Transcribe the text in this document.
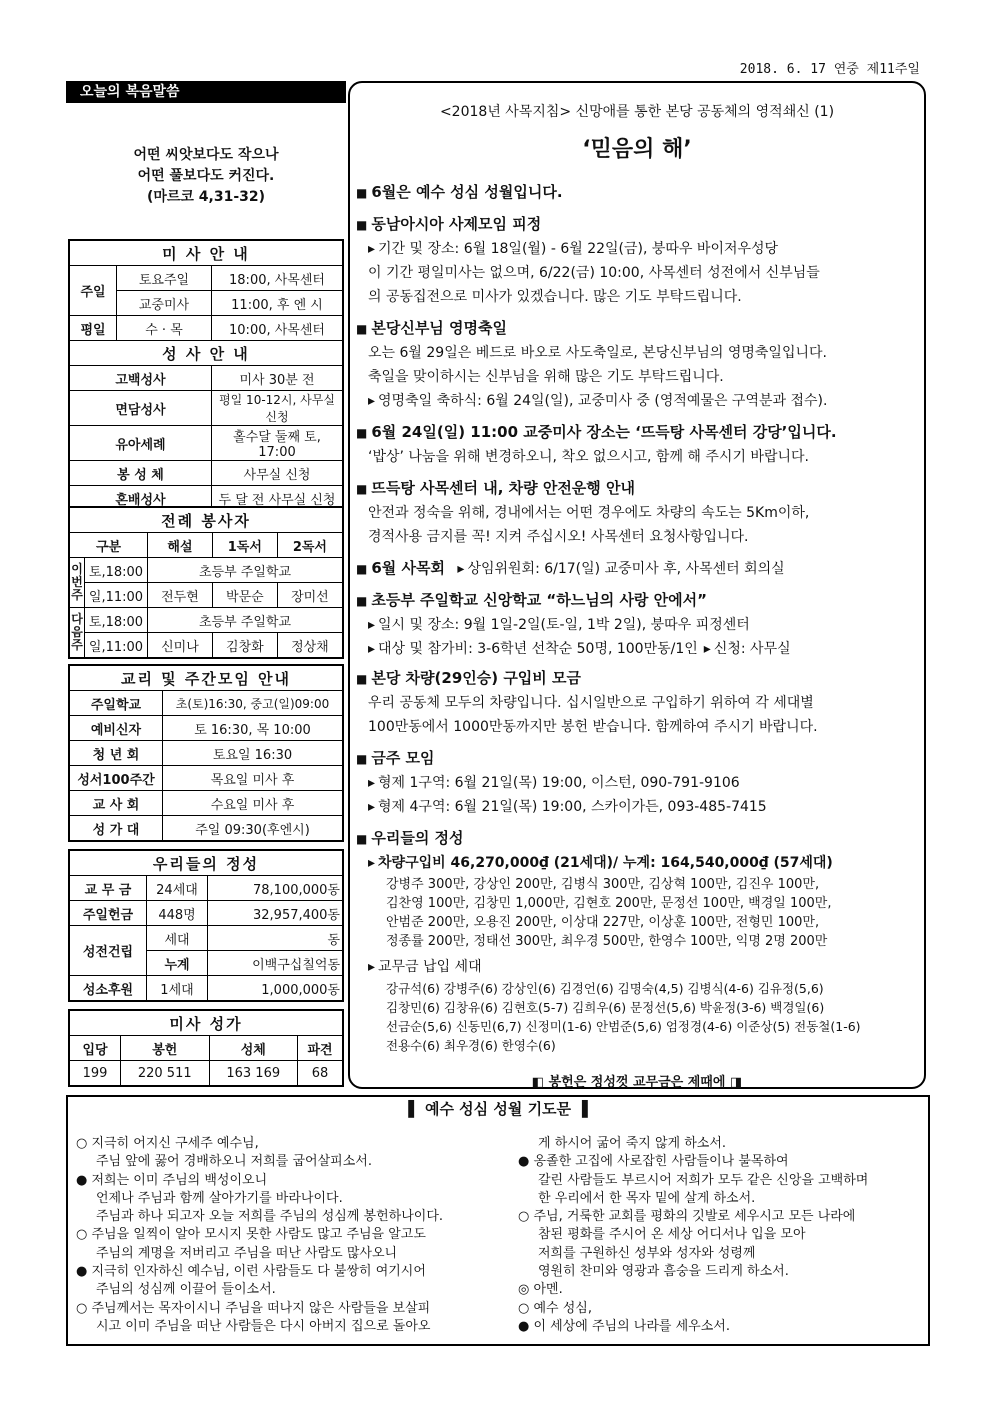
2018. 6. 17 연중 제11주일
오늘의 복음말씀
어떤 씨앗보다도 작으나
어떤 풀보다도 커진다.
(마르코 4,31-32)
미 사 안 내		
주일	토요주일	18:00, 사목센터
	교중미사	11:00, 후 엔 시
평일	수 · 목	10:00, 사목센터
성 사 안 내		
고백성사		미사 30분 전
면담성사		평일 10-12시, 사무실신청
유아세례		홀수달 둘째 토, 17:00
봉 성 체		사무실 신청
혼배성사		두 달 전 사무실 신청
전례 봉사자				
구분		해설	1독서	2독서
이번주	토,18:00	초등부 주일학교		
	일,11:00	전두현	박문순	장미선
다음주	토,18:00	초등부 주일학교		
	일,11:00	신미나	김창화	정상채
교리 및 주간모임 안내	
주일학교	초(토)16:30, 중고(일)09:00
예비신자	토 16:30, 목 10:00
청 년 회	토요일 16:30
성서100주간	목요일 미사 후
교 사 회	수요일 미사 후
성 가 대	주일 09:30(후엔시)
우리들의 정성		
교 무 금	24세대	78,100,000동
주일헌금	448명	32,957,400동
성전건립	세대	동
	누계	이백구십칠억동
성소후원	1세대	1,000,000동
미사 성가			
입당	봉헌	성체	파견
199	220 511	163 169	68
<2018년 사목지침> 신망애를 통한 본당 공동체의 영적쇄신 (1)
‘믿음의 해’
■ 6월은 예수 성심 성월입니다.
■ 동남아시아 사제모임 피정
▸ 기간 및 장소: 6월 18일(월) - 6월 22일(금), 붕따우 바이저우성당
이 기간 평일미사는 없으며, 6/22(금) 10:00, 사목센터 성전에서 신부님들
의 공동집전으로 미사가 있겠습니다. 많은 기도 부탁드립니다.
■ 본당신부님 영명축일
오는 6월 29일은 베드로 바오로 사도축일로, 본당신부님의 영명축일입니다.
축일을 맞이하시는 신부님을 위해 많은 기도 부탁드립니다.
▸ 영명축일 축하식: 6월 24일(일), 교중미사 중 (영적예물은 구역분과 접수).
■ 6월 24일(일) 11:00 교중미사 장소는 ‘뜨득탕 사목센터 강당’입니다.
‘밥상’ 나눔을 위해 변경하오니, 착오 없으시고, 함께 해 주시기 바랍니다.
■ 뜨득탕 사목센터 내, 차량 안전운행 안내
안전과 정숙을 위해, 경내에서는 어떤 경우에도 차량의 속도는 5Km이하,
경적사용 금지를 꼭! 지켜 주십시오! 사목센터 요청사항입니다.
■ 6월 사목회 ▸ 상임위원회: 6/17(일) 교중미사 후, 사목센터 회의실
■ 초등부 주일학교 신앙학교 “하느님의 사랑 안에서”
▸ 일시 및 장소: 9월 1일-2일(토-일, 1박 2일), 붕따우 피정센터
▸ 대상 및 참가비: 3-6학년 선착순 50명, 100만동/1인 ▸ 신청: 사무실
■ 본당 차량(29인승) 구입비 모금
우리 공동체 모두의 차량입니다. 십시일반으로 구입하기 위하여 각 세대별
100만동에서 1000만동까지만 봉헌 받습니다. 함께하여 주시기 바랍니다.
■ 금주 모임
▸ 형제 1구역: 6월 21일(목) 19:00, 이스턴, 090-791-9106
▸ 형제 4구역: 6월 21일(목) 19:00, 스카이가든, 093-485-7415
■ 우리들의 정성
▸ 차량구입비 46,270,000₫ (21세대)/ 누계: 164,540,000₫ (57세대)
강병주 300만, 강상인 200만, 김병식 300만, 김상혁 100만, 김진우 100만,
김찬영 100만, 김창민 1,000만, 김현호 200만, 문정선 100만, 백경일 100만,
안범준 200만, 오용진 200만, 이상대 227만, 이상훈 100만, 전형민 100만,
정종률 200만, 정태선 300만, 최우경 500만, 한영수 100만, 익명 2명 200만
▸ 교무금 납입 세대
강규석(6) 강병주(6) 강상인(6) 김경언(6) 김명숙(4,5) 김병식(4-6) 김유정(5,6)
김창민(6) 김창유(6) 김현호(5-7) 김희우(6) 문정선(5,6) 박윤정(3-6) 백경일(6)
선금순(5,6) 신동민(6,7) 신정미(1-6) 안범준(5,6) 엄정경(4-6) 이준상(5) 전동철(1-6)
전용수(6) 최우경(6) 한영수(6)
◧ 봉헌은 정성껏 교무금은 제때에 ◨
▌ 예수 성심 성월 기도문 ▐
○ 지극히 어지신 구세주 예수님,
주님 앞에 꿇어 경배하오니 저희를 굽어살피소서.
● 저희는 이미 주님의 백성이오니
언제나 주님과 함께 살아가기를 바라나이다.
주님과 하나 되고자 오늘 저희를 주님의 성심께 봉헌하나이다.
○ 주님을 일찍이 알아 모시지 못한 사람도 많고 주님을 알고도
주님의 계명을 저버리고 주님을 떠난 사람도 많사오니
● 지극히 인자하신 예수님, 이런 사람들도 다 불쌍히 여기시어
주님의 성심께 이끌어 들이소서.
○ 주님께서는 목자이시니 주님을 떠나지 않은 사람들을 보살피
시고 이미 주님을 떠난 사람들은 다시 아버지 집으로 돌아오
게 하시어 굶어 죽지 않게 하소서.
● 옹졸한 고집에 사로잡힌 사람들이나 불목하여
갈린 사람들도 부르시어 저희가 모두 같은 신앙을 고백하며
한 우리에서 한 목자 밑에 살게 하소서.
○ 주님, 거룩한 교회를 평화의 깃발로 세우시고 모든 나라에
참된 평화를 주시어 온 세상 어디서나 입을 모아
저희를 구원하신 성부와 성자와 성령께
영원히 찬미와 영광과 흠숭을 드리게 하소서.
◎ 아멘.
○ 예수 성심,
● 이 세상에 주님의 나라를 세우소서.
